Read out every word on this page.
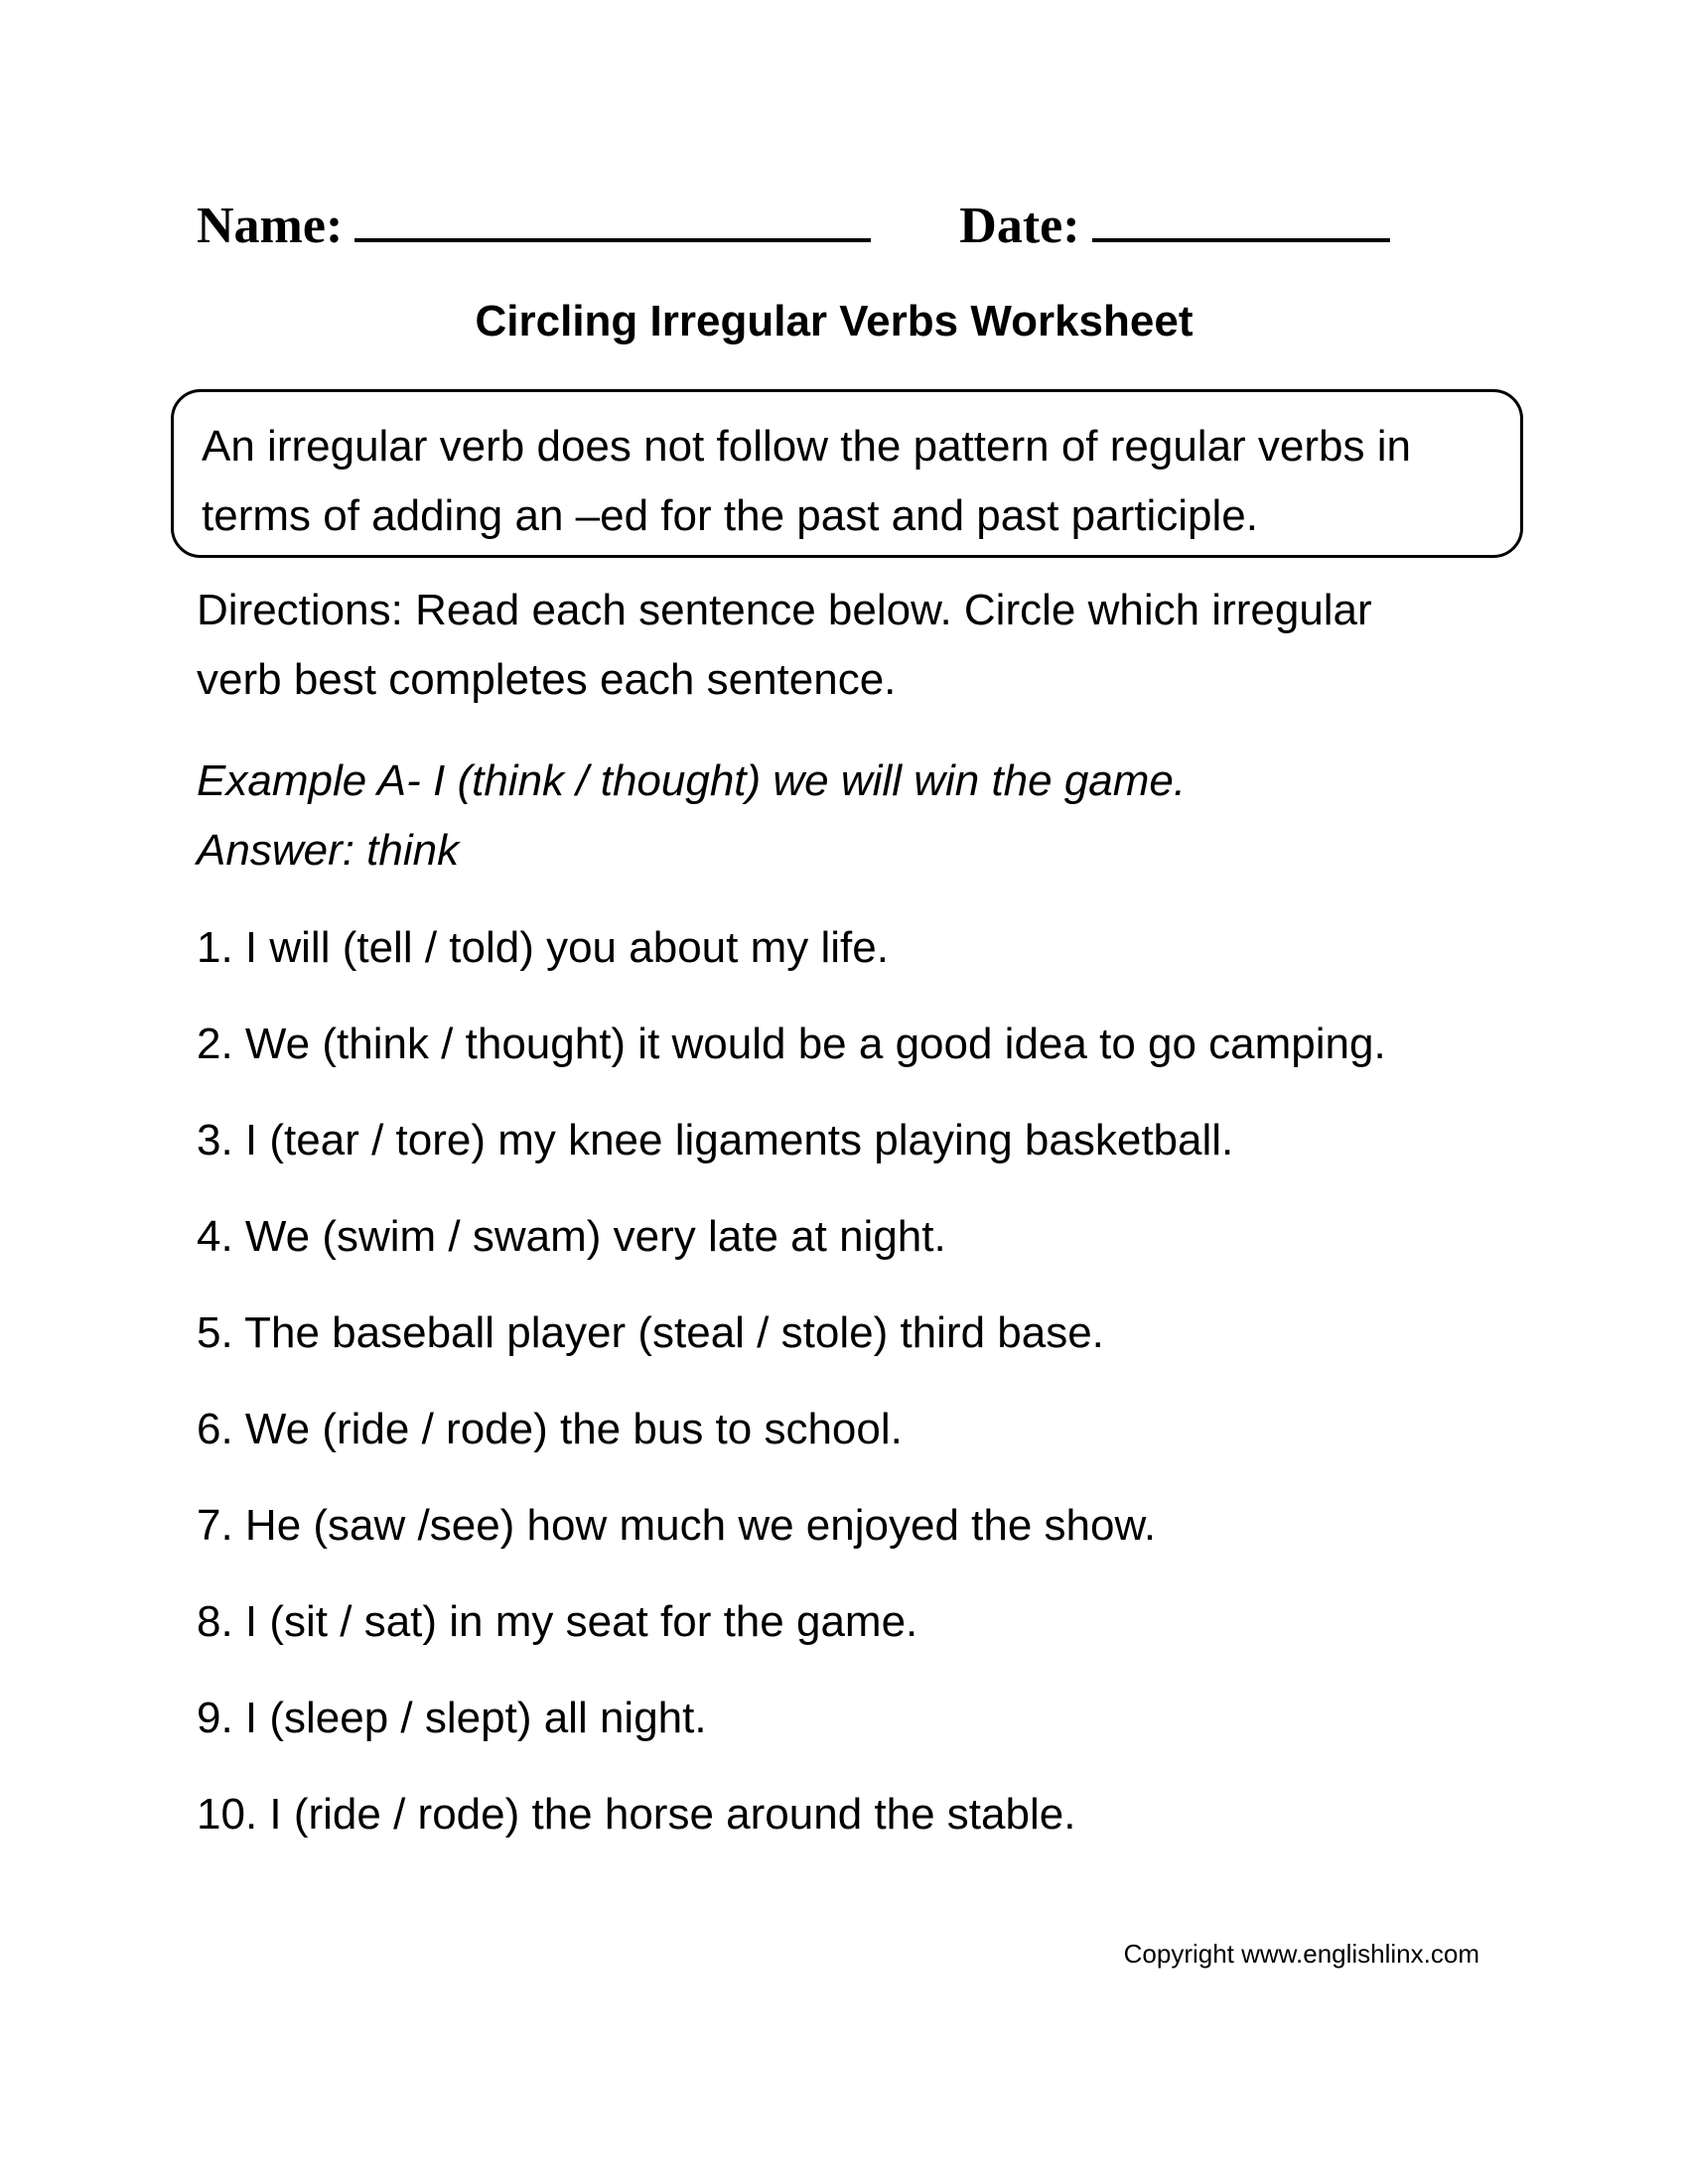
Name:	Date:
Circling Irregular Verbs Worksheet

An irregular verb does not follow the pattern of regular verbs in

terms of adding an –ed for the past and past participle.

Directions: Read each sentence below. Circle which irregular

verb best completes each sentence.

Example A- I (think / thought) we will win the game.

Answer: think

1. I will (tell / told) you about my life.
2. We (think / thought) it would be a good idea to go camping.
3. I (tear / tore) my knee ligaments playing basketball.
4. We (swim / swam) very late at night.
5. The baseball player (steal / stole) third base.
6. We (ride / rode) the bus to school.
7. He (saw /see) how much we enjoyed the show.
8. I (sit / sat) in my seat for the game.
9. I (sleep / slept) all night.
10. I (ride / rode) the horse around the stable.
Copyright www.englishlinx.com
